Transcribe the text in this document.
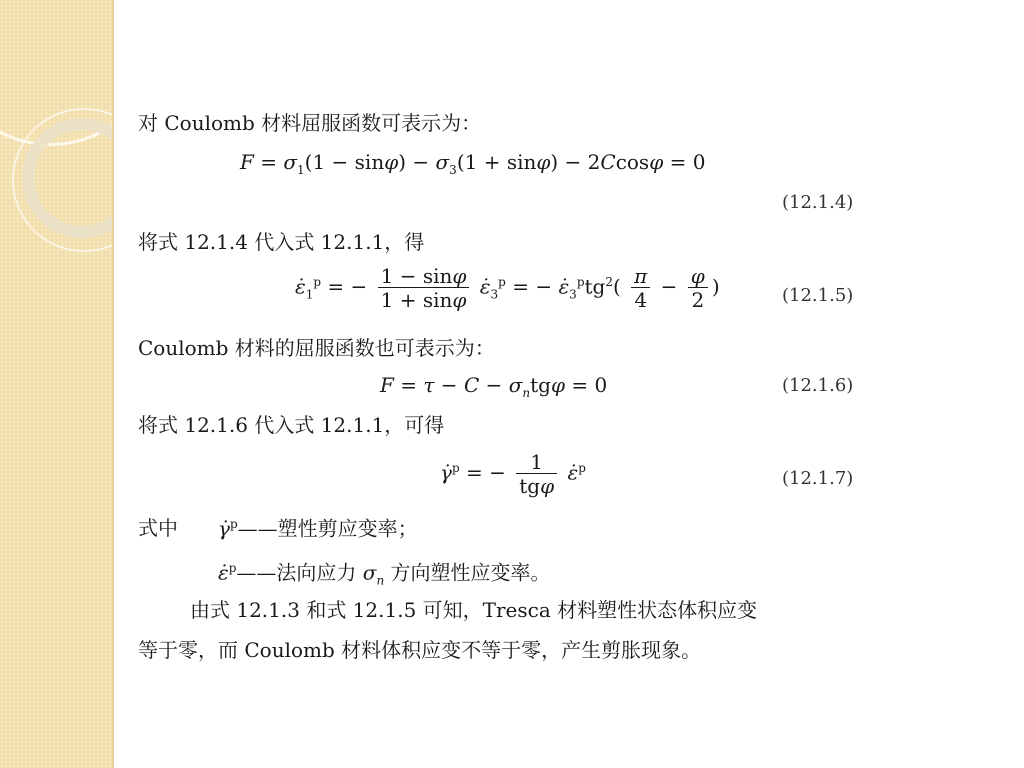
对 Coulomb 材料屈服函数可表示为：
$F = \sigma_1(1 - \sin\varphi) - \sigma_3(1 + \sin\varphi) - 2Ccos\varphi = 0$
(12.1.4)
将式 12.1.4 代入式 12.1.1，得
$\varepsiloṅ_1^p$ = − $\frac{1 - \sin\varphi}{1 + \sin\varphi}$ $\varepsiloṅ_3^p$ = − $\varepsiloṅ_3^ptg^2( \frac{\pi}{4} - \frac{\varphi}{2}$ )	(12.1.5)
Coulomb 材料的屈服函数也可表示为：
$F = \tau - C - \sigma_ntg\varphi = 0$	(12.1.6)
将式 12.1.6 代入式 12.1.1，可得
γ̇$^p$ = − $\frac{1}{\text{tgφ}}$ ε̇$^p$
(12.1.7)
式中 γ̇$^p$——塑性剪应变率；
ε̇$^p$——法向应力 $\sigma_n$ 方向塑性应变率。
由式 12.1.3 和式 12.1.5 可知，Tresca 材料塑性状态体积应变
等于零，而 Coulomb 材料体积应变不等于零，产生剪胀现象。
